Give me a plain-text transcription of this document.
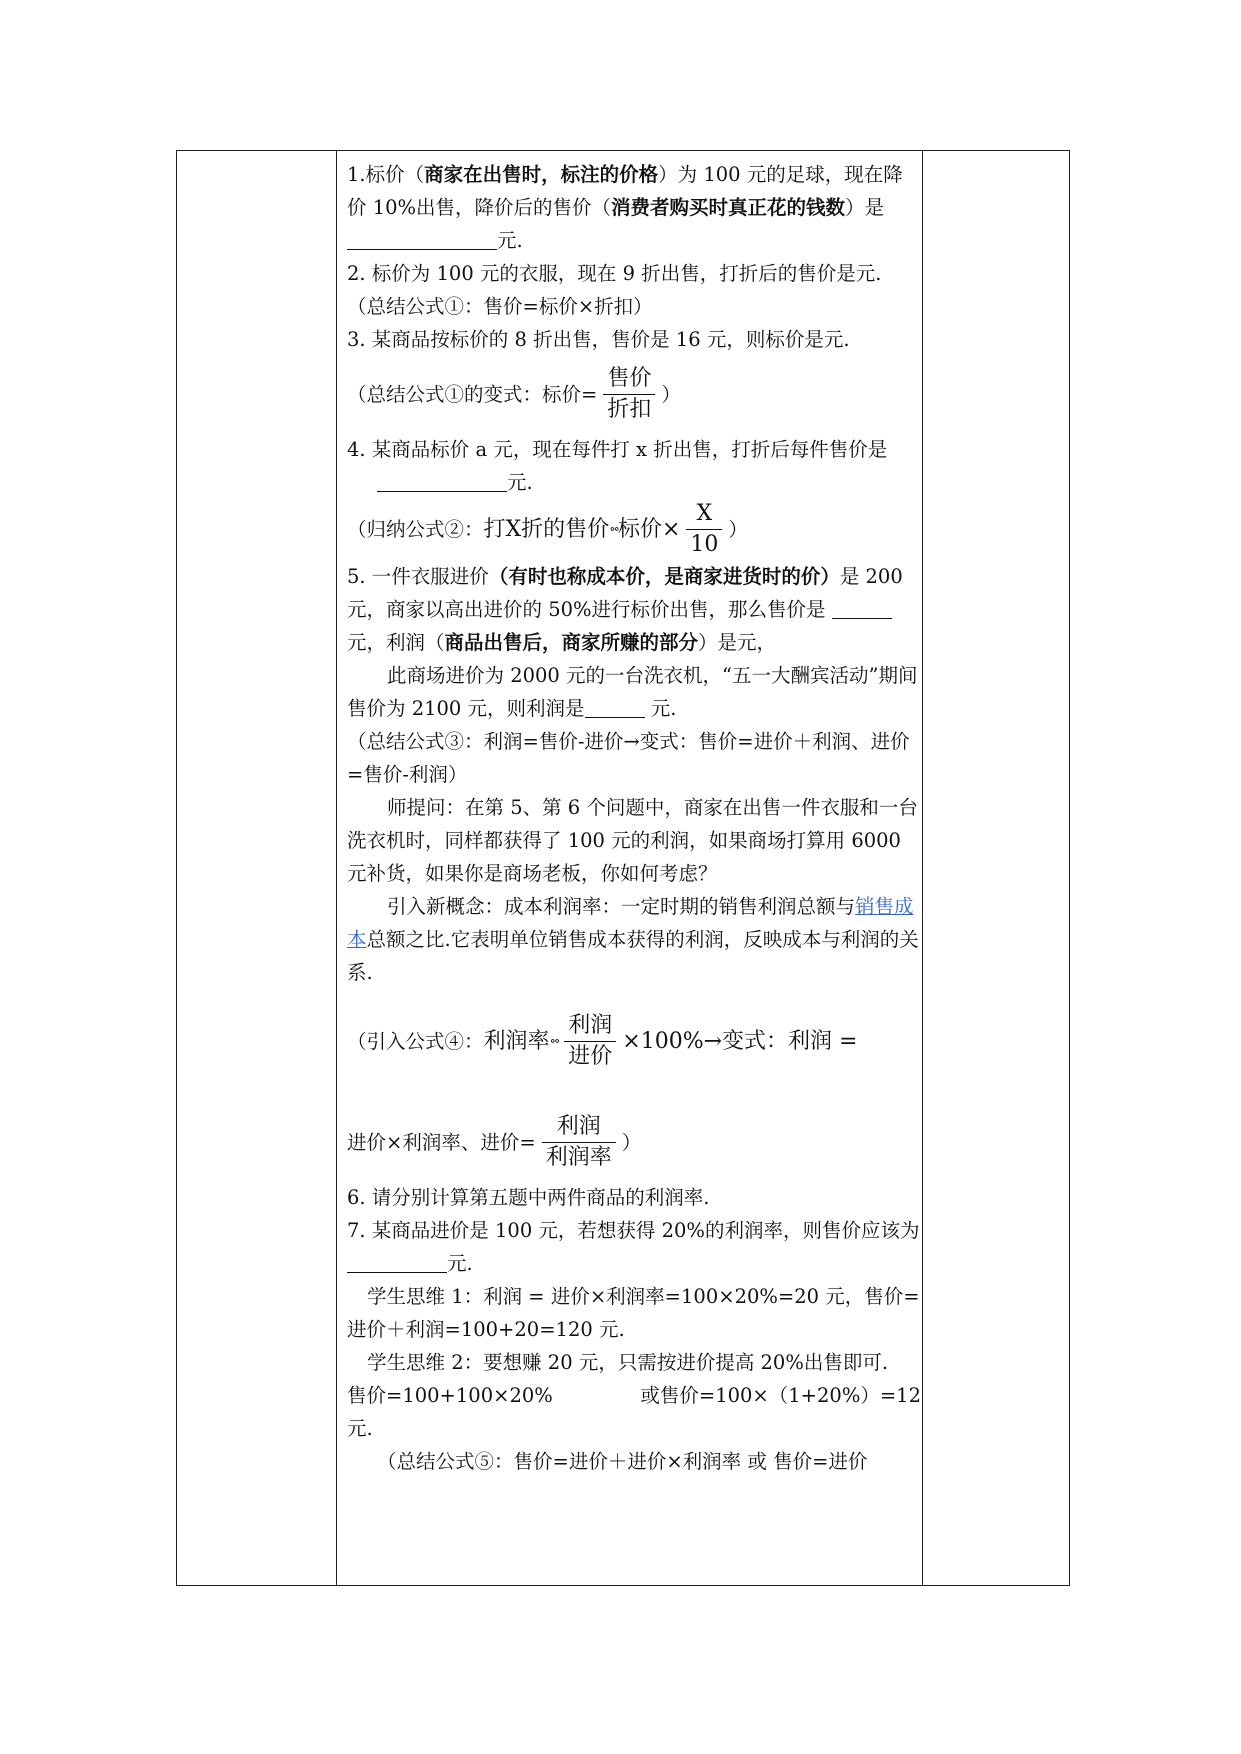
1.标价（商家在出售时，标注的价格）为 100 元的足球，现在降价 10%出售，降价后的售价（消费者购买时真正花的钱数）是 元.

2. 标价为 100 元的衣服，现在 9 折出售，打折后的售价是元.

（总结公式①：售价=标价×折扣）

3. 某商品按标价的 8 折出售，售价是 16 元，则标价是元.

（总结公式①的变式：标价= $\frac{\text{售价}}{\text{折扣}}$ ）

4. 某商品标价 a 元，现在每件打 x 折出售，打折后每件售价是 元.

（归纳公式②： 打X折的售价 ∘∘ 标价× $\frac{X}{10}$ ）

5. 一件衣服进价（有时也称成本价，是商家进货时的价）是 200 元，商家以高出进价的 50%进行标价出售，那么售价是 元，利润（商品出售后，商家所赚的部分）是元，

此商场进价为 2000 元的一台洗衣机，“五一大酬宾活动”期间售价为 2100 元，则利润是	元.

（总结公式③：利润=售价-进价→变式：售价=进价＋利润、进价=售价-利润）

师提问：在第 5、第 6 个问题中，商家在出售一件衣服和一台洗衣机时，同样都获得了 100 元的利润，如果商场打算用 6000 元补货，如果你是商场老板，你如何考虑？

引入新概念：成本利润率：一定时期的销售利润总额与销售成本总额之比.它表明单位销售成本获得的利润，反映成本与利润的关系.

（引入公式④： 利润率 ∘∘ $\frac{\text{利润}}{\text{进价}} \times 100\%\to$变式：利润 =

进价×利润率、进价= $\frac{\text{利润}}{\text{利润率}}$ ）

6. 请分别计算第五题中两件商品的利润率.

7. 某商品进价是 100 元，若想获得 20%的利润率，则售价应该为 元.

学生思维 1：利润 = 进价×利润率=100×20%=20 元，售价=进价＋利润=100+20=120 元.

学生思维 2：要想赚 20 元，只需按进价提高 20%出售即可.

售价=100+100×20%	或售价=100×（1+20%）=12

元.

（总结公式⑤：售价=进价＋进价×利润率 或 售价=进价
